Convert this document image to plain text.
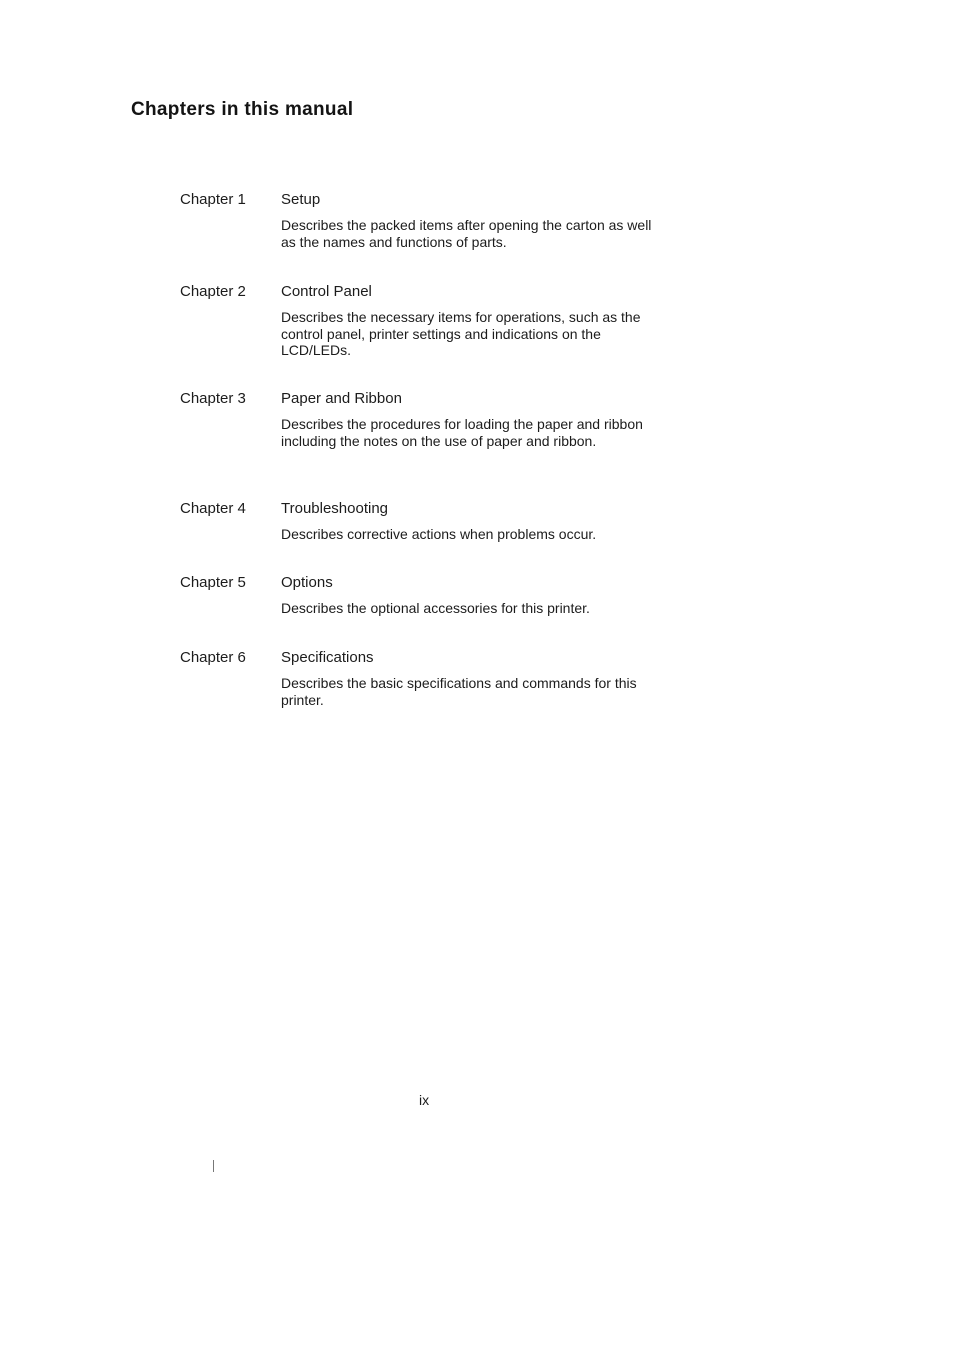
Chapters in this manual
Chapter 1 Setup
Describes the packed items after opening the carton as well as the names and functions of parts.
Chapter 2 Control Panel
Describes the necessary items for operations, such as the control panel, printer settings and indications on the LCD/LEDs.
Chapter 3 Paper and Ribbon
Describes the procedures for loading the paper and ribbon including the notes on the use of paper and ribbon.
Chapter 4 Troubleshooting
Describes corrective actions when problems occur.
Chapter 5 Options
Describes the optional accessories for this printer.
Chapter 6 Specifications
Describes the basic specifications and commands for this printer.
ix
